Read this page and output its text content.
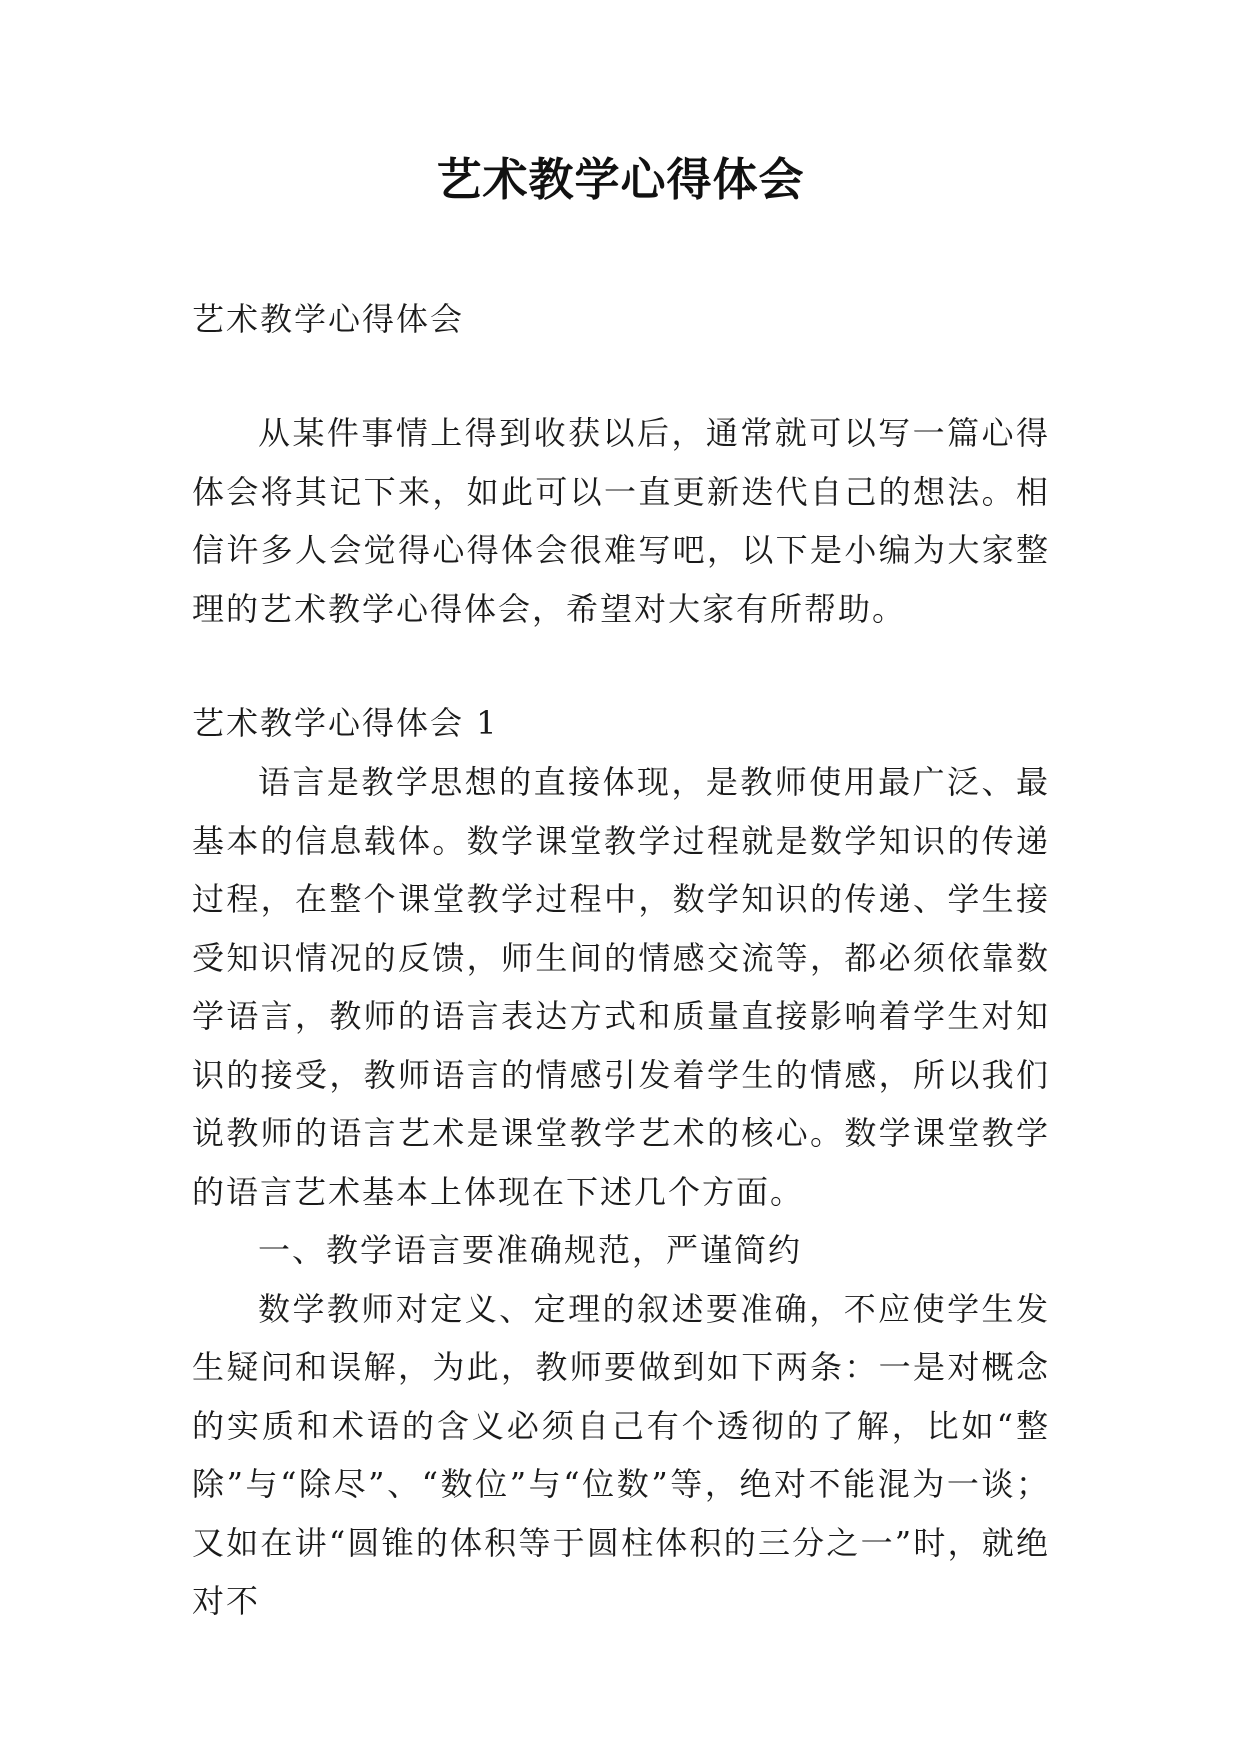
艺术教学心得体会
艺术教学心得体会

从某件事情上得到收获以后，通常就可以写一篇心得体会将其记下来，如此可以一直更新迭代自己的想法。相信许多人会觉得心得体会很难写吧，以下是小编为大家整理的艺术教学心得体会，希望对大家有所帮助。

艺术教学心得体会 1

语言是教学思想的直接体现，是教师使用最广泛、最基本的信息载体。数学课堂教学过程就是数学知识的传递过程，在整个课堂教学过程中，数学知识的传递、学生接受知识情况的反馈，师生间的情感交流等，都必须依靠数学语言，教师的语言表达方式和质量直接影响着学生对知识的接受，教师语言的情感引发着学生的情感，所以我们说教师的语言艺术是课堂教学艺术的核心。数学课堂教学的语言艺术基本上体现在下述几个方面。

一、教学语言要准确规范，严谨简约

数学教师对定义、定理的叙述要准确，不应使学生发生疑问和误解，为此，教师要做到如下两条：一是对概念的实质和术语的含义必须自己有个透彻的了解，比如“整除”与“除尽”、“数位”与“位数”等，绝对不能混为一谈；又如在讲“圆锥的体积等于圆柱体积的三分之一”时，就绝对不
